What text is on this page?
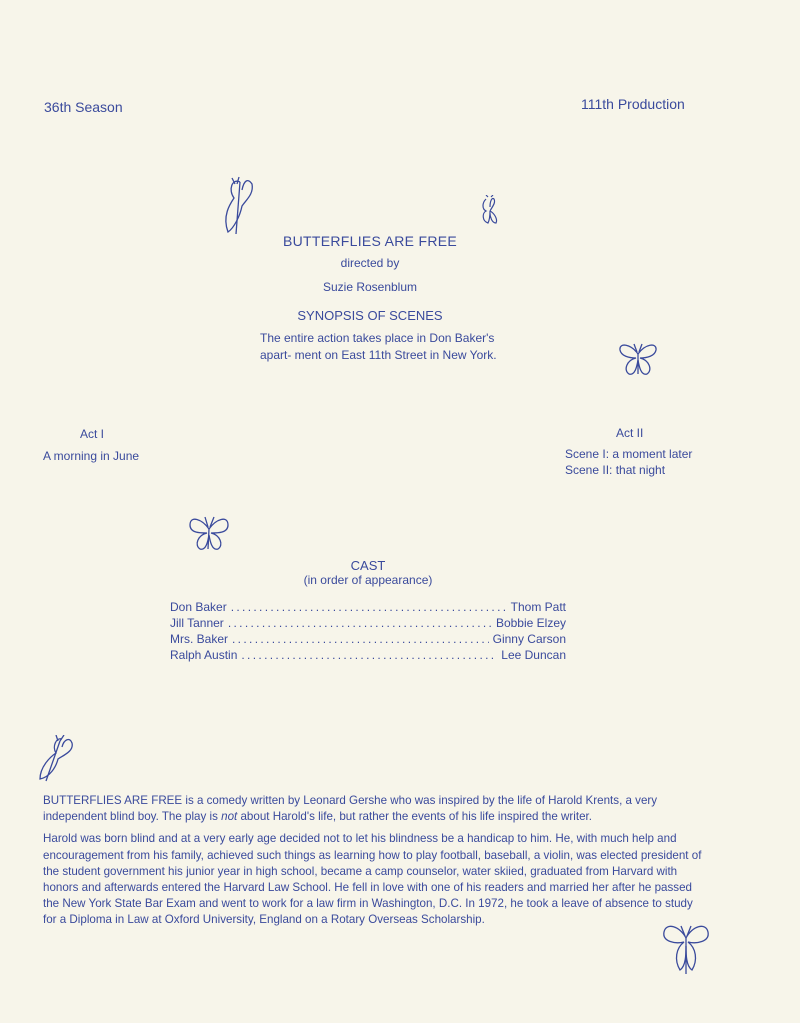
36th Season	111th Production
BUTTERFLIES ARE FREE
directed by
Suzie Rosenblum
SYNOPSIS OF SCENES
The entire action takes place in Don Baker's apart- ment on East 11th Street in New York.
Act I
A morning in June
Act II
Scene I: a moment later
Scene II: that night
CAST
(in order of appearance)
Don Baker . . .	Thom Patt
Jill Tanner . . .	Bobbie Elzey
Mrs. Baker . . .	Ginny Carson
Ralph Austin . . .	Lee Duncan

BUTTERFLIES ARE FREE is a comedy written by Leonard Gershe who was inspired by the life of Harold Krents, a very independent blind boy. The play is not about Harold's life, but rather the events of his life inspired the writer.

Harold was born blind and at a very early age decided not to let his blindness be a handicap to him. He, with much help and encouragement from his family, achieved such things as learning how to play football, baseball, a violin, was elected president of the student government his junior year in high school, became a camp counselor, water skiied, graduated from Harvard with honors and afterwards entered the Harvard Law School. He fell in love with one of his readers and married her after he passed the New York State Bar Exam and went to work for a law firm in Washington, D.C. In 1972, he took a leave of absence to study for a Diploma in Law at Oxford University, England on a Rotary Overseas Scholarship.
